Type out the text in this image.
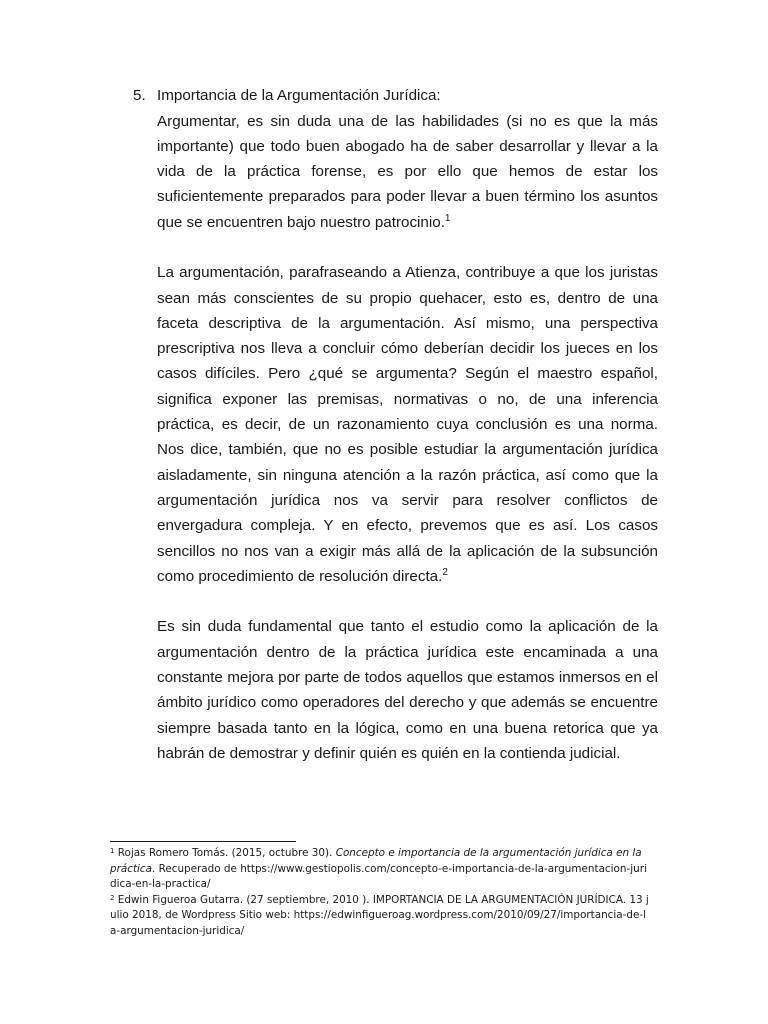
5. Importancia de la Argumentación Jurídica:

Argumentar, es sin duda una de las habilidades (si no es que la más importante) que todo buen abogado ha de saber desarrollar y llevar a la vida de la práctica forense, es por ello que hemos de estar los suficientemente preparados para poder llevar a buen término los asuntos que se encuentren bajo nuestro patrocinio.$^1$

La argumentación, parafraseando a Atienza, contribuye a que los juristas sean más conscientes de su propio quehacer, esto es, dentro de una faceta descriptiva de la argumentación. Así mismo, una perspectiva prescriptiva nos lleva a concluir cómo deberían decidir los jueces en los casos difíciles. Pero ¿qué se argumenta? Según el maestro español, significa exponer las premisas, normativas o no, de una inferencia práctica, es decir, de un razonamiento cuya conclusión es una norma. Nos dice, también, que no es posible estudiar la argumentación jurídica aisladamente, sin ninguna atención a la razón práctica, así como que la argumentación jurídica nos va servir para resolver conflictos de envergadura compleja. Y en efecto, prevemos que es así. Los casos sencillos no nos van a exigir más allá de la aplicación de la subsunción como procedimiento de resolución directa.$^2$

Es sin duda fundamental que tanto el estudio como la aplicación de la argumentación dentro de la práctica jurídica este encaminada a una constante mejora por parte de todos aquellos que estamos inmersos en el ámbito jurídico como operadores del derecho y que además se encuentre siempre basada tanto en la lógica, como en una buena retorica que ya habrán de demostrar y definir quién es quién en la contienda judicial.

$^1$ Rojas Romero Tomás. (2015, octubre 30). Concepto e importancia de la argumentación jurídica en la práctica. Recuperado de https://www.gestiopolis.com/concepto-e-importancia-de-la-argumentacion-juridica-en-la-practica/

$^2$ Edwin Figueroa Gutarra. (27 septiembre, 2010 ). IMPORTANCIA DE LA ARGUMENTACIÓN JURÍDICA. 13 julio 2018, de Wordpress Sitio web: https://edwinfigueroag.wordpress.com/2010/09/27/importancia-de-la-argumentacion-juridica/
